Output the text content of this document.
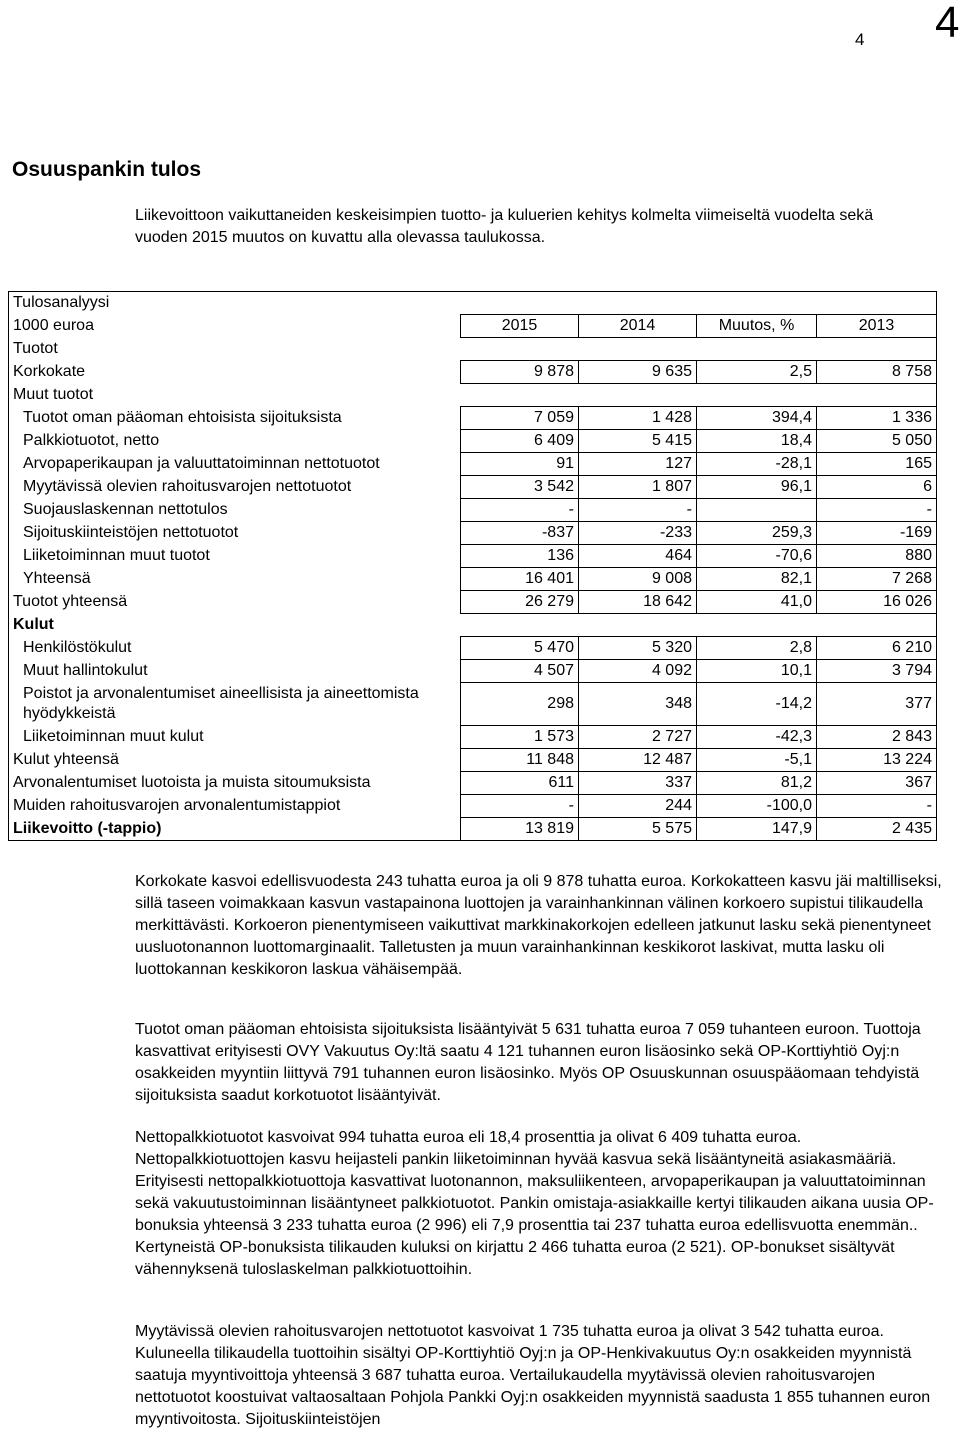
4 4
Osuuspankin tulos
Liikevoittoon vaikuttaneiden keskeisimpien tuotto- ja kuluerien kehitys kolmelta viimeiseltä vuodelta sekä vuoden 2015 muutos on kuvattu alla olevassa taulukossa.
Tulosanalyysi				
1000 euroa	2015	2014	Muutos, %	2013
Tuotot				
Korkokate	9 878	9 635	2,5	8 758
Muut tuotot				
Tuotot oman pääoman ehtoisista sijoituksista	7 059	1 428	394,4	1 336
Palkkiotuotot, netto	6 409	5 415	18,4	5 050
Arvopaperikaupan ja valuuttatoiminnan nettotuotot	91	127	-28,1	165
Myytävissä olevien rahoitusvarojen nettotuotot	3 542	1 807	96,1	6
Suojauslaskennan nettotulos	-	-		-
Sijoituskiinteistöjen nettotuotot	-837	-233	259,3	-169
Liiketoiminnan muut tuotot	136	464	-70,6	880
Yhteensä	16 401	9 008	82,1	7 268
Tuotot yhteensä	26 279	18 642	41,0	16 026
Kulut				
Henkilöstökulut	5 470	5 320	2,8	6 210
Muut hallintokulut	4 507	4 092	10,1	3 794
Poistot ja arvonalentumiset aineellisista ja aineettomista hyödykkeistä	298	348	-14,2	377
Liiketoiminnan muut kulut	1 573	2 727	-42,3	2 843
Kulut yhteensä	11 848	12 487	-5,1	13 224
Arvonalentumiset luotoista ja muista sitoumuksista	611	337	81,2	367
Muiden rahoitusvarojen arvonalentumistappiot	-	244	-100,0	-
Liikevoitto (-tappio)	13 819	5 575	147,9	2 435
Korkokate kasvoi edellisvuodesta 243 tuhatta euroa ja oli 9 878 tuhatta euroa. Korkokatteen kasvu jäi maltilliseksi, sillä taseen voimakkaan kasvun vastapainona luottojen ja varainhankinnan välinen korkoero supistui tilikaudella merkittävästi. Korkoeron pienentymiseen vaikuttivat markkinakorkojen edelleen jatkunut lasku sekä pienentyneet uusluotonannon luottomarginaalit. Talletusten ja muun varainhankinnan keskikorot laskivat, mutta lasku oli luottokannan keskikoron laskua vähäisempää.
Tuotot oman pääoman ehtoisista sijoituksista lisääntyivät 5 631 tuhatta euroa 7 059 tuhanteen euroon. Tuottoja kasvattivat erityisesti OVY Vakuutus Oy:ltä saatu 4 121 tuhannen euron lisäosinko sekä OP-Korttiyhtiö Oyj:n osakkeiden myyntiin liittyvä 791 tuhannen euron lisäosinko. Myös OP Osuuskunnan osuuspääomaan tehdyistä sijoituksista saadut korkotuotot lisääntyivät.
Nettopalkkiotuotot kasvoivat 994 tuhatta euroa eli 18,4 prosenttia ja olivat 6 409 tuhatta euroa. Nettopalkkiotuottojen kasvu heijasteli pankin liiketoiminnan hyvää kasvua sekä lisääntyneitä asiakasmääriä. Erityisesti nettopalkkiotuottoja kasvattivat luotonannon, maksuliikenteen, arvopaperikaupan ja valuuttatoiminnan sekä vakuutustoiminnan lisääntyneet palkkiotuotot. Pankin omistaja-asiakkaille kertyi tilikauden aikana uusia OP-bonuksia yhteensä 3 233 tuhatta euroa (2 996) eli 7,9 prosenttia tai 237 tuhatta euroa edellisvuotta enemmän.. Kertyneistä OP-bonuksista tilikauden kuluksi on kirjattu 2 466 tuhatta euroa (2 521). OP-bonukset sisältyvät vähennyksenä tuloslaskelman palkkiotuottoihin.
Myytävissä olevien rahoitusvarojen nettotuotot kasvoivat 1 735 tuhatta euroa ja olivat 3 542 tuhatta euroa. Kuluneella tilikaudella tuottoihin sisältyi OP-Korttiyhtiö Oyj:n ja OP-Henkivakuutus Oy:n osakkeiden myynnistä saatuja myyntivoittoja yhteensä 3 687 tuhatta euroa. Vertailukaudella myytävissä olevien rahoitusvarojen nettotuotot koostuivat valtaosaltaan Pohjola Pankki Oyj:n osakkeiden myynnistä saadusta 1 855 tuhannen euron myyntivoitosta. Sijoituskiinteistöjen
